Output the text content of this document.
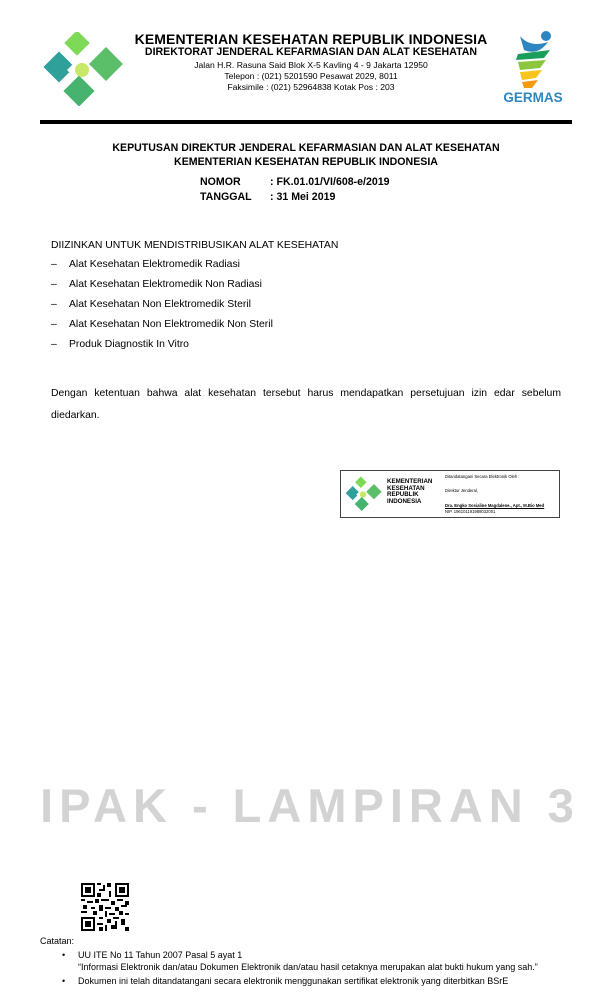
KEMENTERIAN KESEHATAN REPUBLIK INDONESIA
DIREKTORAT JENDERAL KEFARMASIAN DAN ALAT KESEHATAN
Jalan H.R. Rasuna Said Blok X-5 Kavling 4 - 9 Jakarta 12950
Telepon : (021) 5201590 Pesawat 2029, 8011
Faksimile : (021) 52964838 Kotak Pos : 203
GERMAS
KEPUTUSAN DIREKTUR JENDERAL KEFARMASIAN DAN ALAT KESEHATAN
KEMENTERIAN KESEHATAN REPUBLIK INDONESIA
NOMOR	: FK.01.01/VI/608-e/2019
TANGGAL : 31 Mei 2019
DIIZINKAN UNTUK MENDISTRIBUSIKAN ALAT KESEHATAN
– Alat Kesehatan Elektromedik Radiasi
– Alat Kesehatan Elektromedik Non Radiasi
– Alat Kesehatan Non Elektromedik Steril
– Alat Kesehatan Non Elektromedik Non Steril
– Produk Diagnostik In Vitro
Dengan ketentuan bahwa alat kesehatan tersebut harus mendapatkan persetujuan izin edar sebelum
diedarkan.
KEMENTERIAN
KESEHATAN
REPUBLIK
INDONESIA
Ditandatangani Secara Elektronik Oleh :
Direktur Jenderal,
Dra. Engko Sosialine Magdalene., Apt., M.Bio Med
NIP. 196101191988032001
IPAK - LAMPIRAN 3
Catatan:
• UU ITE No 11 Tahun 2007 Pasal 5 ayat 1
“Informasi Elektronik dan/atau Dokumen Elektronik dan/atau hasil cetaknya merupakan alat bukti hukum yang sah.”
• Dokumen ini telah ditandatangani secara elektronik menggunakan sertifikat elektronik yang diterbitkan BSrE
